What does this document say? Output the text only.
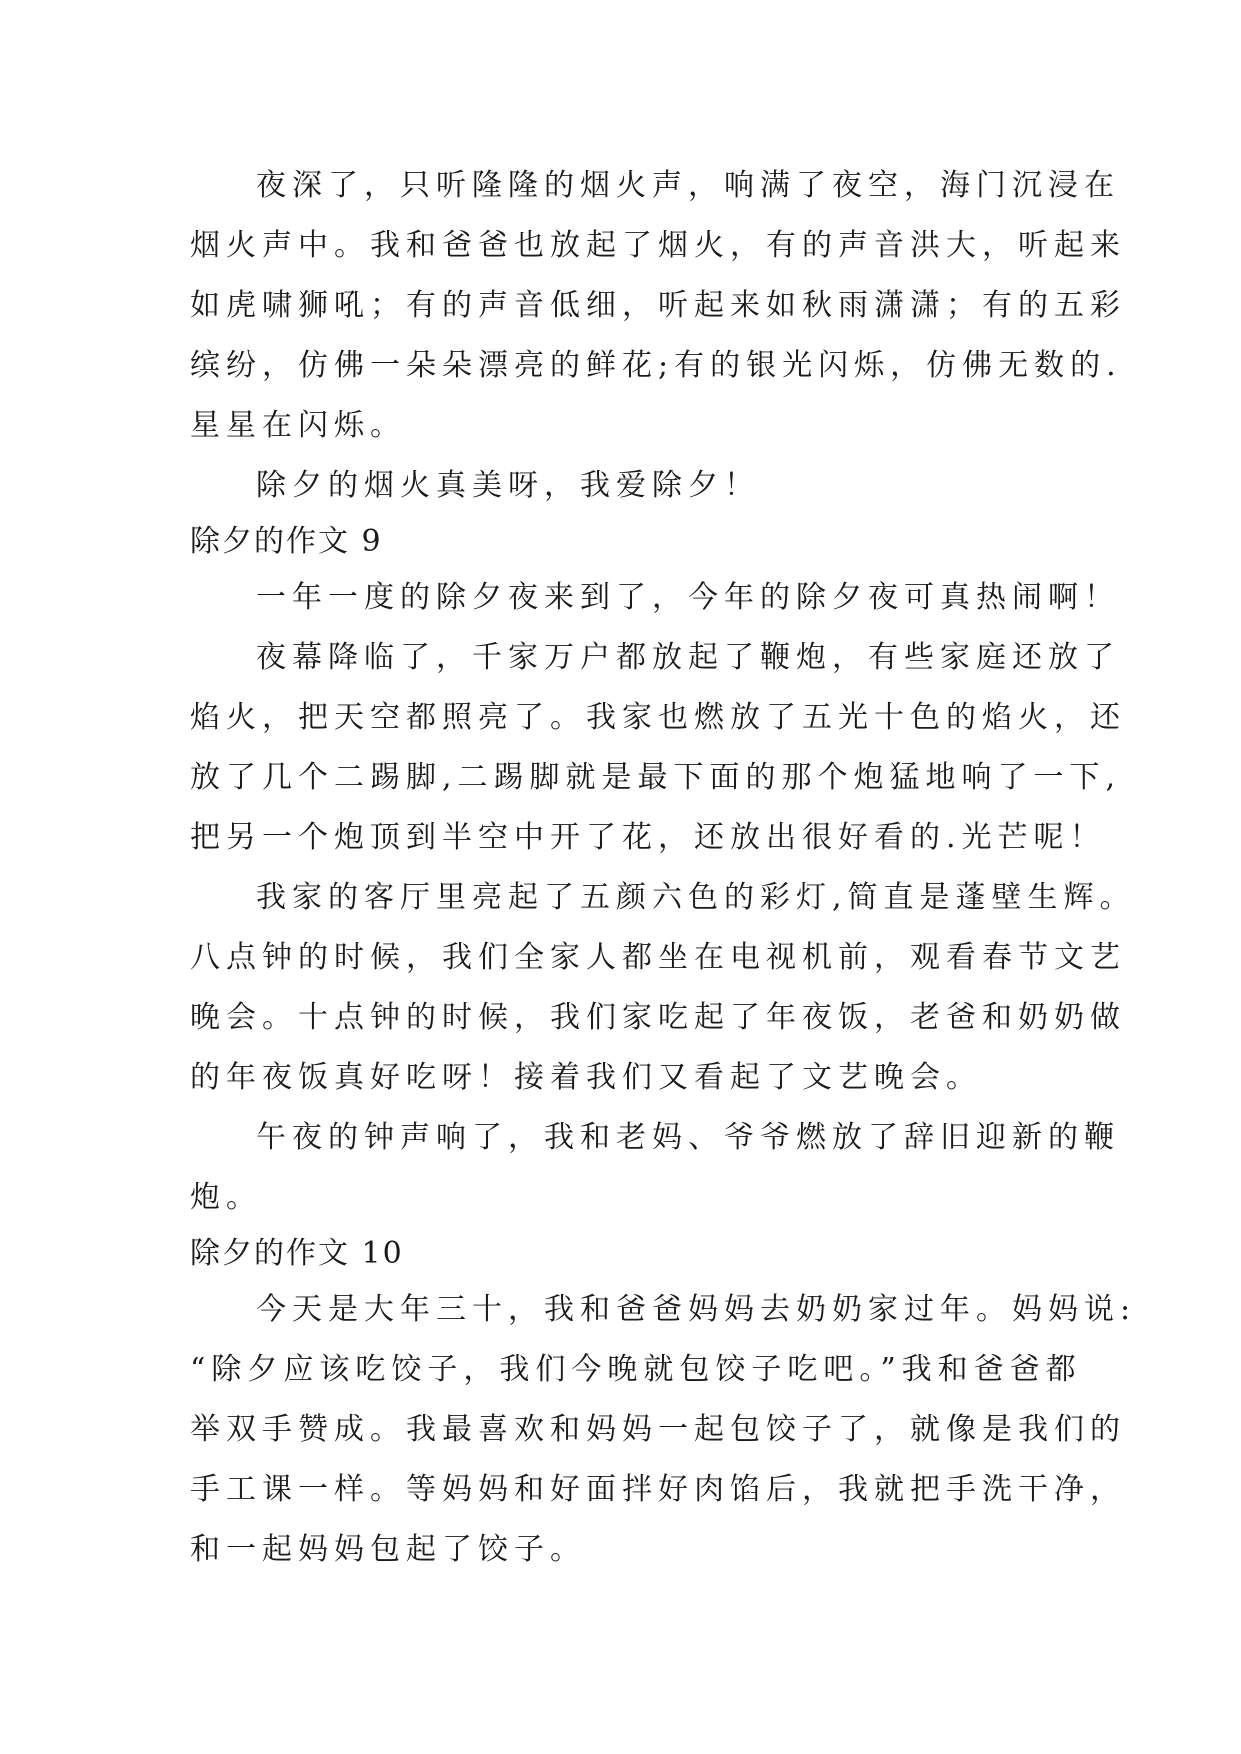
夜深了，只听隆隆的烟火声，响满了夜空，海门沉浸在
烟火声中。我和爸爸也放起了烟火，有的声音洪大，听起来
如虎啸狮吼；有的声音低细，听起来如秋雨潇潇；有的五彩
缤纷，仿佛一朵朵漂亮的鲜花;有的银光闪烁，仿佛无数的.
星星在闪烁。
除夕的烟火真美呀，我爱除夕！
除夕的作文 9
一年一度的除夕夜来到了，今年的除夕夜可真热闹啊！
夜幕降临了，千家万户都放起了鞭炮，有些家庭还放了
焰火，把天空都照亮了。我家也燃放了五光十色的焰火，还
放了几个二踢脚,二踢脚就是最下面的那个炮猛地响了一下,
把另一个炮顶到半空中开了花，还放出很好看的.光芒呢！
我家的客厅里亮起了五颜六色的彩灯,简直是蓬壁生辉。
八点钟的时候，我们全家人都坐在电视机前，观看春节文艺
晚会。十点钟的时候，我们家吃起了年夜饭，老爸和奶奶做
的年夜饭真好吃呀！接着我们又看起了文艺晚会。
午夜的钟声响了，我和老妈、爷爷燃放了辞旧迎新的鞭
炮。
除夕的作文 10
今天是大年三十，我和爸爸妈妈去奶奶家过年。妈妈说:
“除夕应该吃饺子，我们今晚就包饺子吃吧。”我和爸爸都
举双手赞成。我最喜欢和妈妈一起包饺子了，就像是我们的
手工课一样。等妈妈和好面拌好肉馅后，我就把手洗干净，
和一起妈妈包起了饺子。
